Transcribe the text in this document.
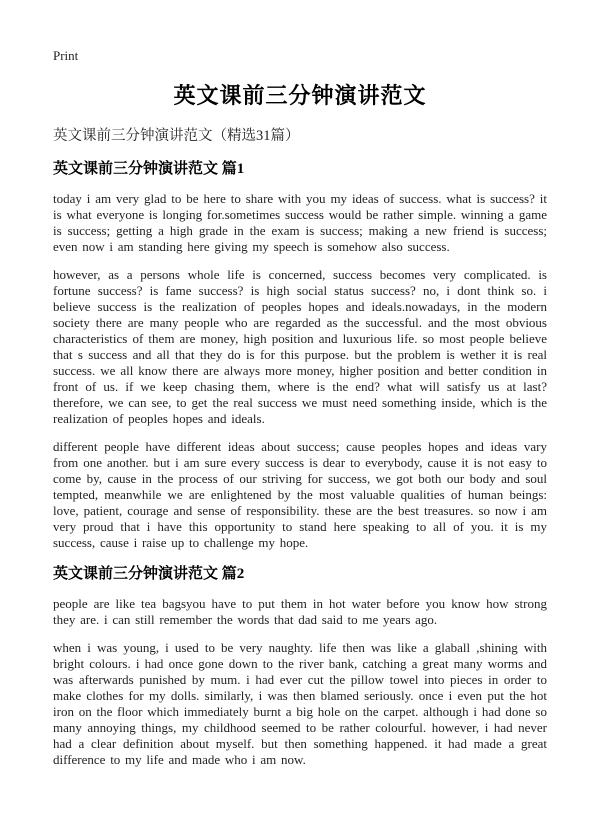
Print
英文课前三分钟演讲范文
英文课前三分钟演讲范文（精选31篇）
英文课前三分钟演讲范文 篇1

today i am very glad to be here to share with you my ideas of success. what is success? it is what everyone is longing for.sometimes success would be rather simple. winning a game is success; getting a high grade in the exam is success; making a new friend is success; even now i am standing here giving my speech is somehow also success.

however, as a persons whole life is concerned, success becomes very complicated. is fortune success? is fame success? is high social status success? no, i dont think so. i believe success is the realization of peoples hopes and ideals.nowadays, in the modern society there are many people who are regarded as the successful. and the most obvious characteristics of them are money, high position and luxurious life. so most people believe that s success and all that they do is for this purpose. but the problem is wether it is real success. we all know there are always more money, higher position and better condition in front of us. if we keep chasing them, where is the end? what will satisfy us at last? therefore, we can see, to get the real success we must need something inside, which is the realization of peoples hopes and ideals.

different people have different ideas about success; cause peoples hopes and ideas vary from one another. but i am sure every success is dear to everybody, cause it is not easy to come by, cause in the process of our striving for success, we got both our body and soul tempted, meanwhile we are enlightened by the most valuable qualities of human beings: love, patient, courage and sense of responsibility. these are the best treasures. so now i am very proud that i have this opportunity to stand here speaking to all of you. it is my success, cause i raise up to challenge my hope.

英文课前三分钟演讲范文 篇2

people are like tea bagsyou have to put them in hot water before you know how strong they are. i can still remember the words that dad said to me years ago.

when i was young, i used to be very naughty. life then was like a glaball ,shining with bright colours. i had once gone down to the river bank, catching a great many worms and was afterwards punished by mum. i had ever cut the pillow towel into pieces in order to make clothes for my dolls. similarly, i was then blamed seriously. once i even put the hot iron on the floor which immediately burnt a big hole on the carpet. although i had done so many annoying things, my childhood seemed to be rather colourful. however, i had never had a clear definition about myself. but then something happened. it had made a great difference to my life and made who i am now.
